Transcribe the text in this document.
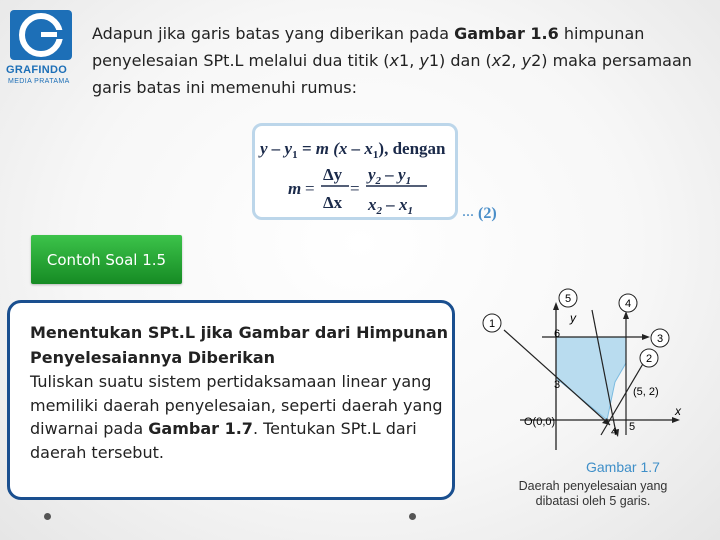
GRAFINDO
MEDIA PRATAMA
Adapun jika garis batas yang diberikan pada Gambar 1.6 himpunan penyelesaian SPt.L melalui dua titik (x1, y1) dan (x2, y2) maka persamaan garis batas ini memenuhi rumus:
$y - y_1 = m$ $(x - x_1)$, dengan
m =
Δy
Δx
=
$y_2 - y_1$
$x_2 - x_1$	... (2)
Contoh Soal 1.5
Menentukan SPt.L jika Gambar dari Himpunan Penyelesaiannya Diberikan
Tuliskan suatu sistem pertidaksamaan linear yang memiliki daerah penyelesaian, seperti daerah yang diwarnai pada Gambar 1.7. Tentukan SPt.L dari daerah tersebut.
1
5	4
3
2
y
x
6
3
4 5
(5, 2)
O(0,0)
Gambar 1.7
Daerah penyelesaian yang dibatasi oleh 5 garis.
